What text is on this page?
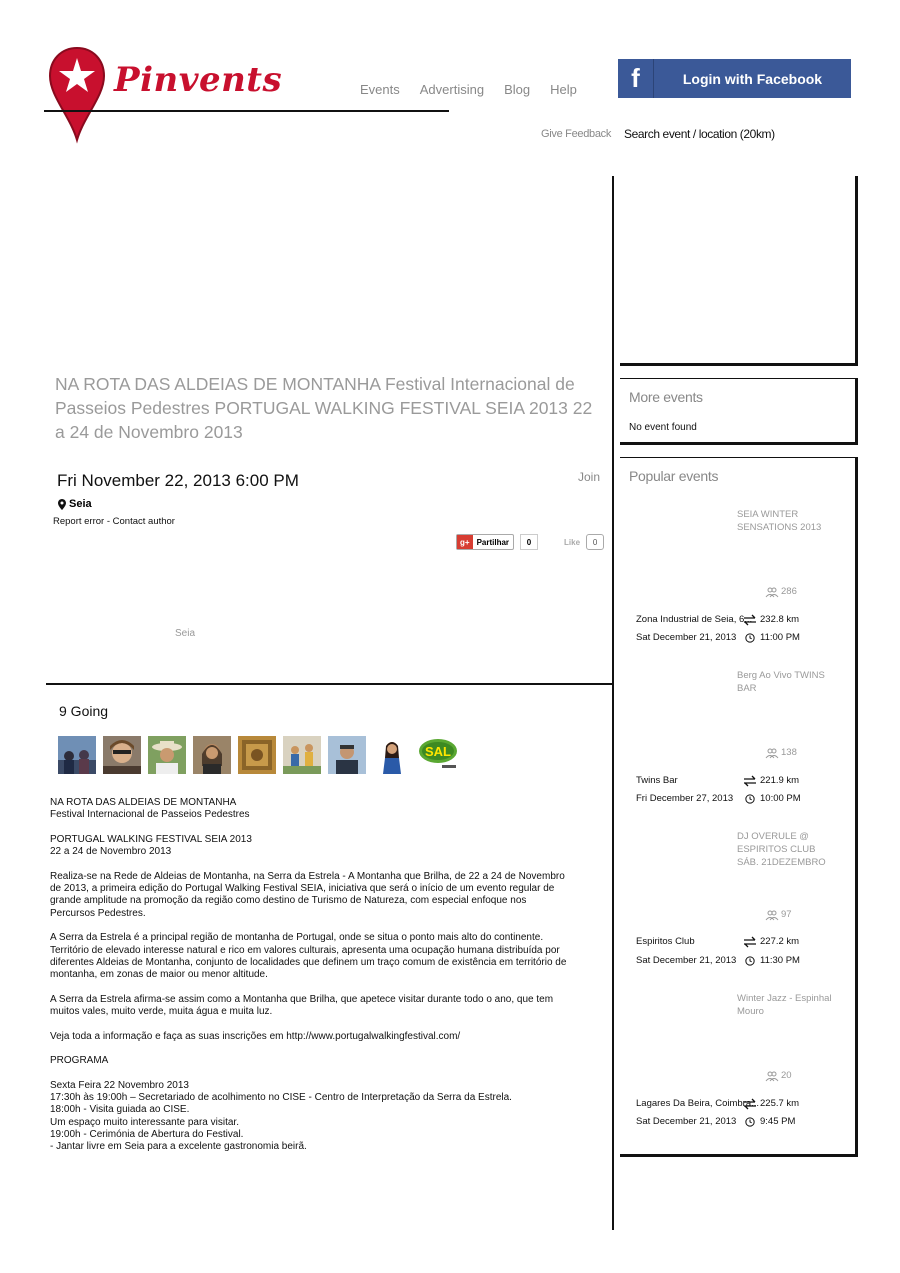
Pinvents	Events Advertising Blog Help	f	Login with Facebook
Give Feedback Search event / location (20km)
NA ROTA DAS ALDEIAS DE MONTANHA Festival Internacional de Passeios Pedestres PORTUGAL WALKING FESTIVAL SEIA 2013 22 a 24 de Novembro 2013
Fri November 22, 2013 6:00 PM	Join
Seia
Report error - Contact author
g+ Partilhar	0	Like	0
Seia
9 Going
SAL

NA ROTA DAS ALDEIAS DE MONTANHA
Festival Internacional de Passeios Pedestres

PORTUGAL WALKING FESTIVAL SEIA 2013
22 a 24 de Novembro 2013

Realiza-se na Rede de Aldeias de Montanha, na Serra da Estrela - A Montanha que Brilha, de 22 a 24 de Novembro de 2013, a primeira edição do Portugal Walking Festival SEIA, iniciativa que será o início de um evento regular de grande amplitude na promoção da região como destino de Turismo de Natureza, com especial enfoque nos Percursos Pedestres.

A Serra da Estrela é a principal região de montanha de Portugal, onde se situa o ponto mais alto do continente. Território de elevado interesse natural e rico em valores culturais, apresenta uma ocupação humana distribuída por diferentes Aldeias de Montanha, conjunto de localidades que definem um traço comum de existência em território de montanha, em zonas de maior ou menor altitude.

A Serra da Estrela afirma-se assim como a Montanha que Brilha, que apetece visitar durante todo o ano, que tem muitos vales, muito verde, muita água e muita luz.

Veja toda a informação e faça as suas inscrições em http://www.portugalwalkingfestival.com/

PROGRAMA

Sexta Feira 22 Novembro 2013
17:30h às 19:00h – Secretariado de acolhimento no CISE - Centro de Interpretação da Serra da Estrela.
18:00h - Visita guiada ao CISE.
Um espaço muito interessante para visitar.
19:00h - Cerimónia de Abertura do Festival.
- Jantar livre em Seia para a excelente gastronomia beirã.

More events
No event found
Popular events
SEIA WINTER SENSATIONS 2013
286
Zona Industrial de Seia, 6... 232.8 km
Sat December 21, 2013	11:00 PM
Berg Ao Vivo TWINS BAR
138
Twins Bar	221.9 km
Fri December 27, 2013	10:00 PM
DJ OVERULE @ ESPIRITOS CLUB SÁB. 21DEZEMBRO
97
Espiritos Club	227.2 km
Sat December 21, 2013	11:30 PM
Winter Jazz - Espinhal Mouro
20
Lagares Da Beira, Coimbra... 225.7 km
Sat December 21, 2013	9:45 PM
